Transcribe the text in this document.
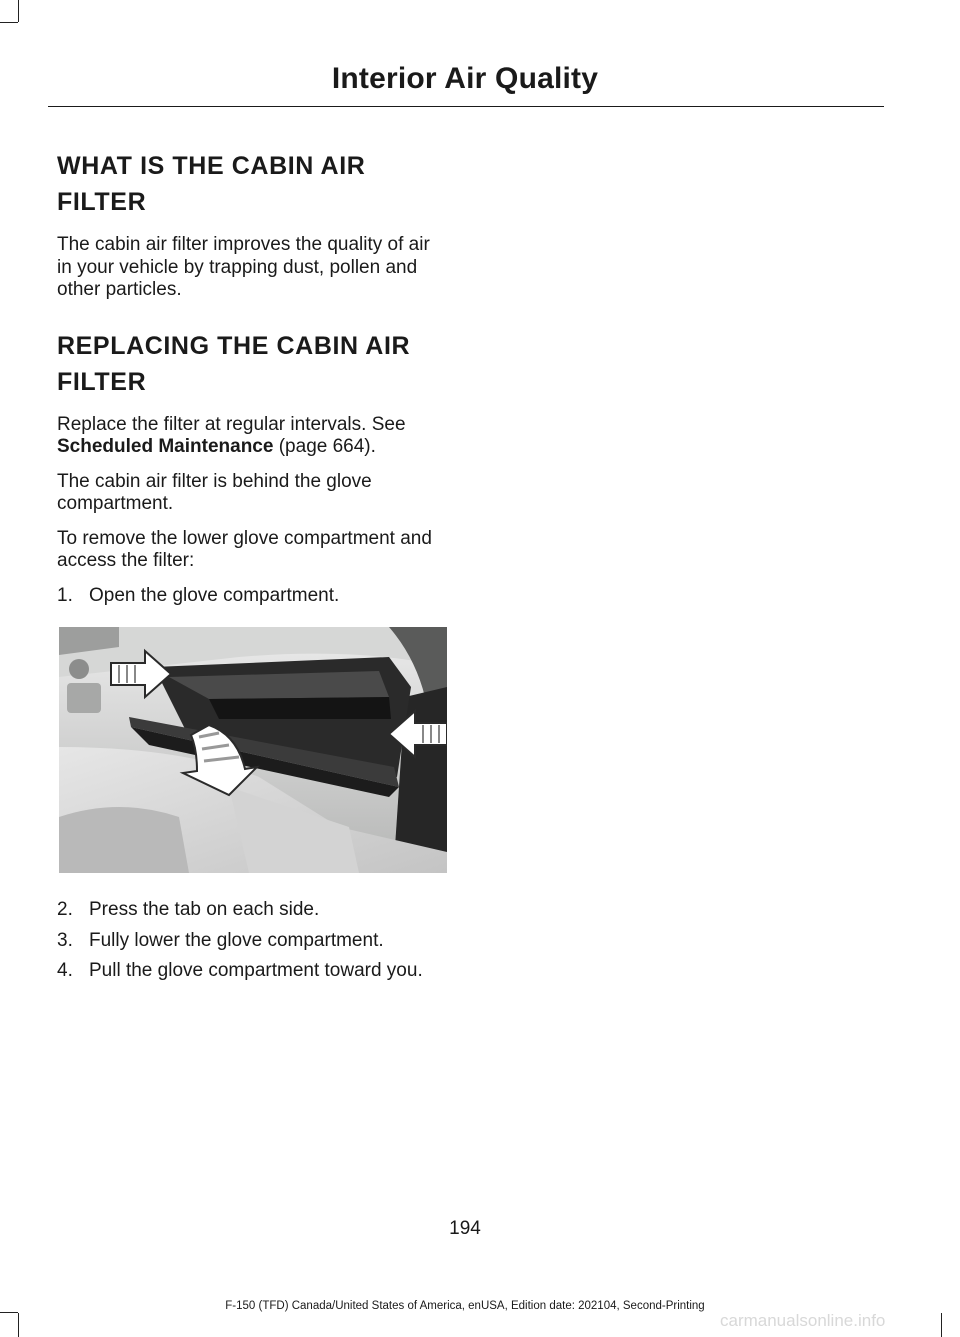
Interior Air Quality
WHAT IS THE CABIN AIR
FILTER

The cabin air filter improves the quality of air in your vehicle by trapping dust, pollen and other particles.

REPLACING THE CABIN AIR
FILTER

Replace the filter at regular intervals. See Scheduled Maintenance (page 664).

The cabin air filter is behind the glove compartment.

To remove the lower glove compartment and access the filter:

1. Open the glove compartment.
2. Press the tab on each side.
3. Fully lower the glove compartment.
4. Pull the glove compartment toward you.
194
F-150 (TFD) Canada/United States of America, enUSA, Edition date: 202104, Second-Printing
carmanualsonline.info
